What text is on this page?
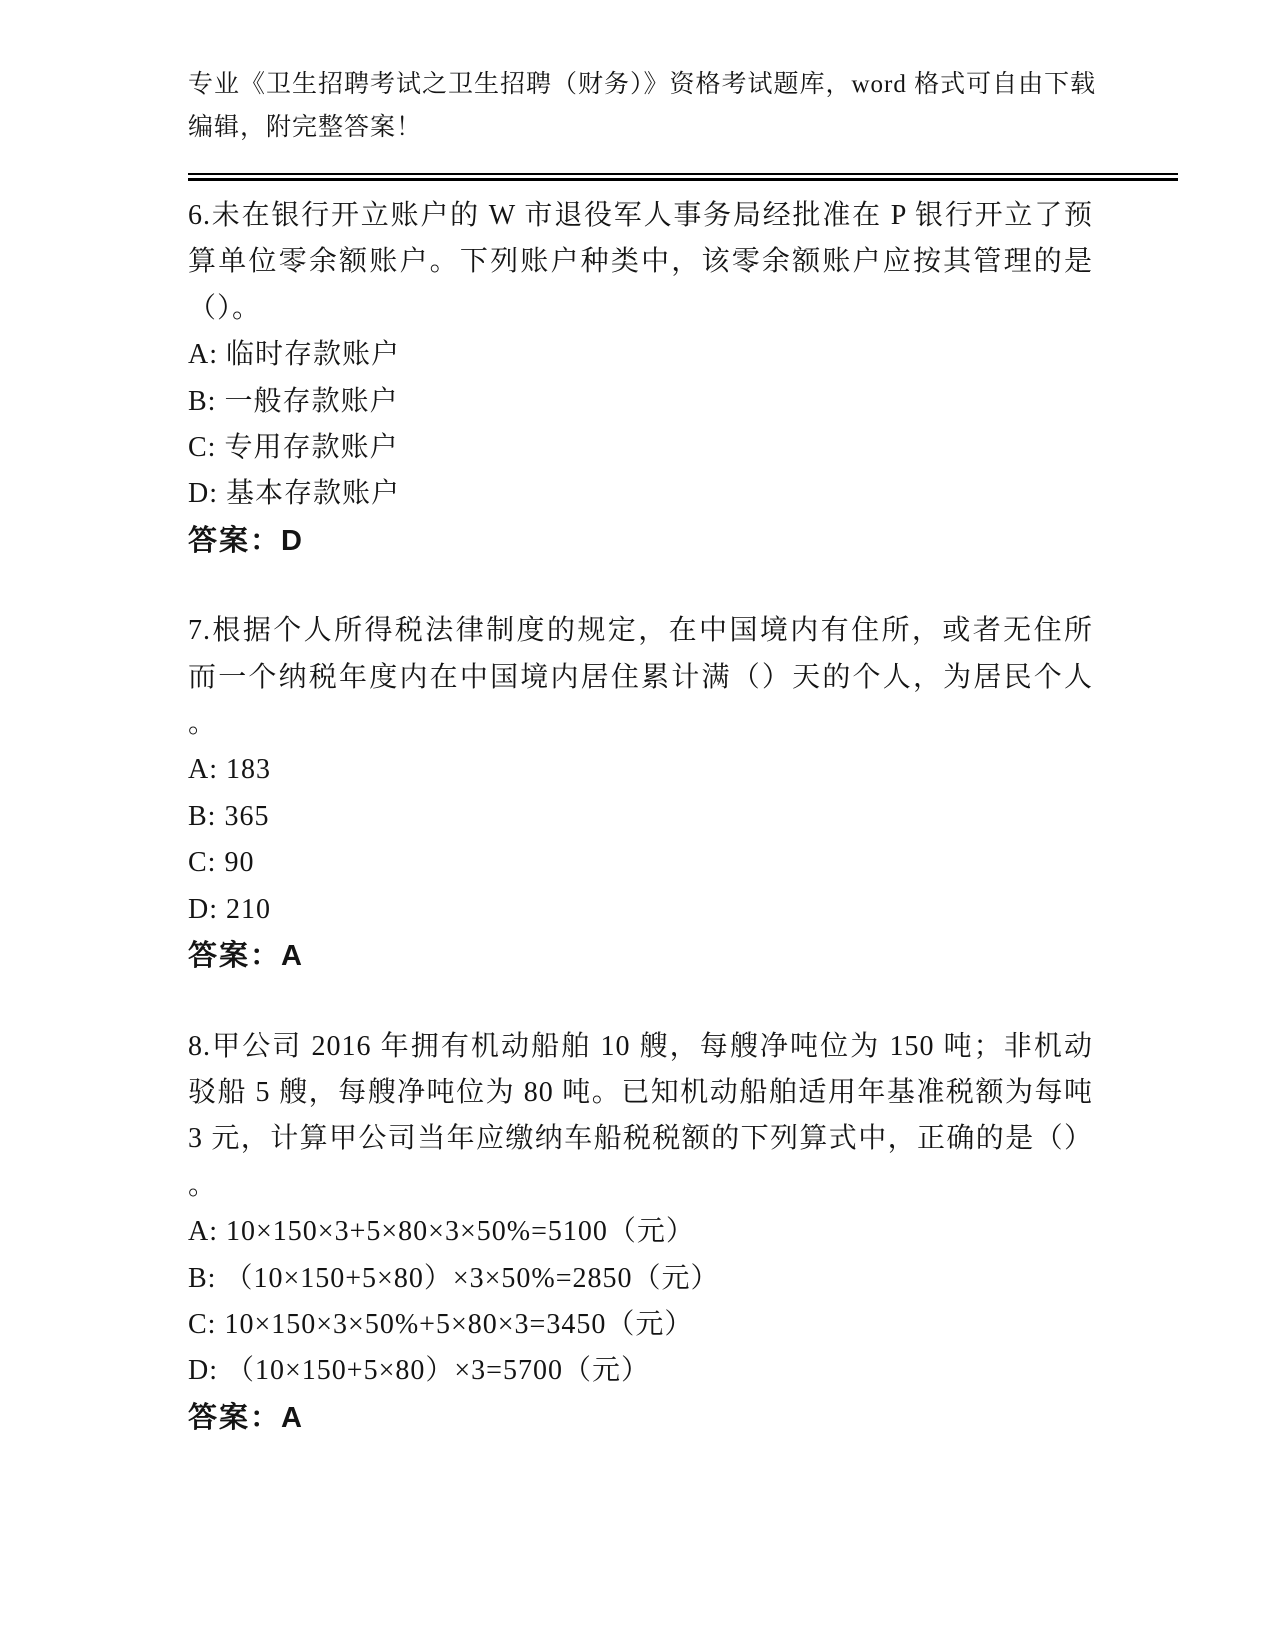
专业《卫生招聘考试之卫生招聘（财务）》资格考试题库，word 格式可自由下载
编辑，附完整答案！
6.未在银行开立账户的 W 市退役军人事务局经批准在 P 银行开立了预
算单位零余额账户。下列账户种类中，该零余额账户应按其管理的是
（）。
A: 临时存款账户
B: 一般存款账户
C: 专用存款账户
D: 基本存款账户
答案：D
7.根据个人所得税法律制度的规定，在中国境内有住所，或者无住所
而一个纳税年度内在中国境内居住累计满（）天的个人，为居民个人
。
A: 183
B: 365
C: 90
D: 210
答案：A
8.甲公司 2016 年拥有机动船舶 10 艘，每艘净吨位为 150 吨；非机动
驳船 5 艘，每艘净吨位为 80 吨。已知机动船舶适用年基准税额为每吨
3 元，计算甲公司当年应缴纳车船税税额的下列算式中，正确的是（）
。
A: 10×150×3+5×80×3×50%=5100（元）
B: （10×150+5×80）×3×50%=2850（元）
C: 10×150×3×50%+5×80×3=3450（元）
D: （10×150+5×80）×3=5700（元）
答案：A
